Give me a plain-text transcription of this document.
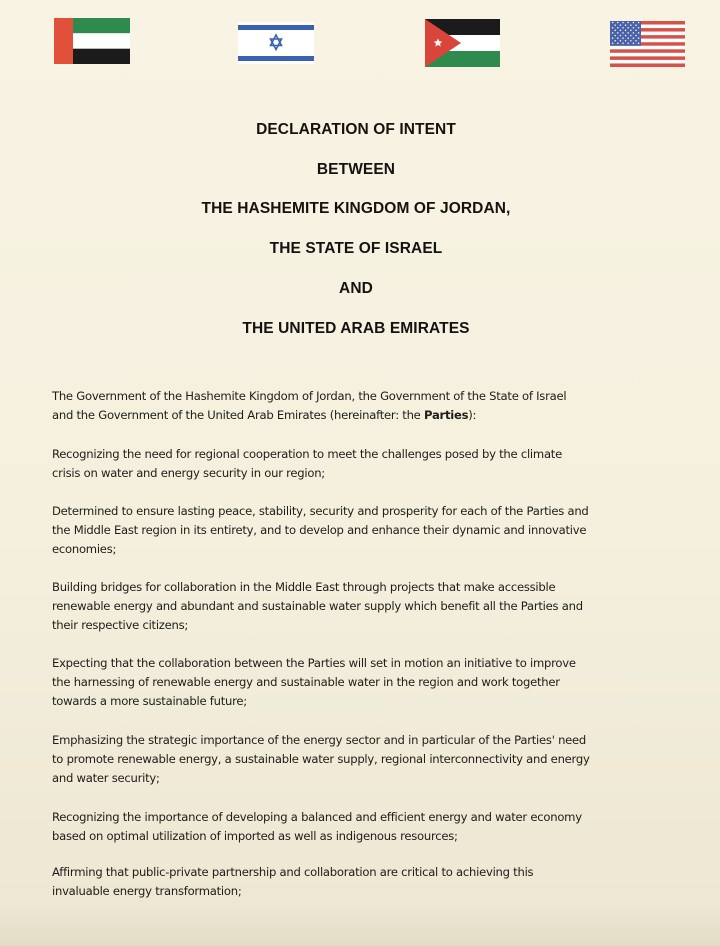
DECLARATION OF INTENT
BETWEEN
THE HASHEMITE KINGDOM OF JORDAN,
THE STATE OF ISRAEL
AND
THE UNITED ARAB EMIRATES
The Government of the Hashemite Kingdom of Jordan, the Government of the State of Israel
and the Government of the United Arab Emirates (hereinafter: the Parties):
Recognizing the need for regional cooperation to meet the challenges posed by the climate
crisis on water and energy security in our region;
Determined to ensure lasting peace, stability, security and prosperity for each of the Parties and
the Middle East region in its entirety, and to develop and enhance their dynamic and innovative
economies;
Building bridges for collaboration in the Middle East through projects that make accessible
renewable energy and abundant and sustainable water supply which benefit all the Parties and
their respective citizens;
Expecting that the collaboration between the Parties will set in motion an initiative to improve
the harnessing of renewable energy and sustainable water in the region and work together
towards a more sustainable future;
Emphasizing the strategic importance of the energy sector and in particular of the Parties' need
to promote renewable energy, a sustainable water supply, regional interconnectivity and energy
and water security;
Recognizing the importance of developing a balanced and efficient energy and water economy
based on optimal utilization of imported as well as indigenous resources;
Affirming that public-private partnership and collaboration are critical to achieving this
invaluable energy transformation;
